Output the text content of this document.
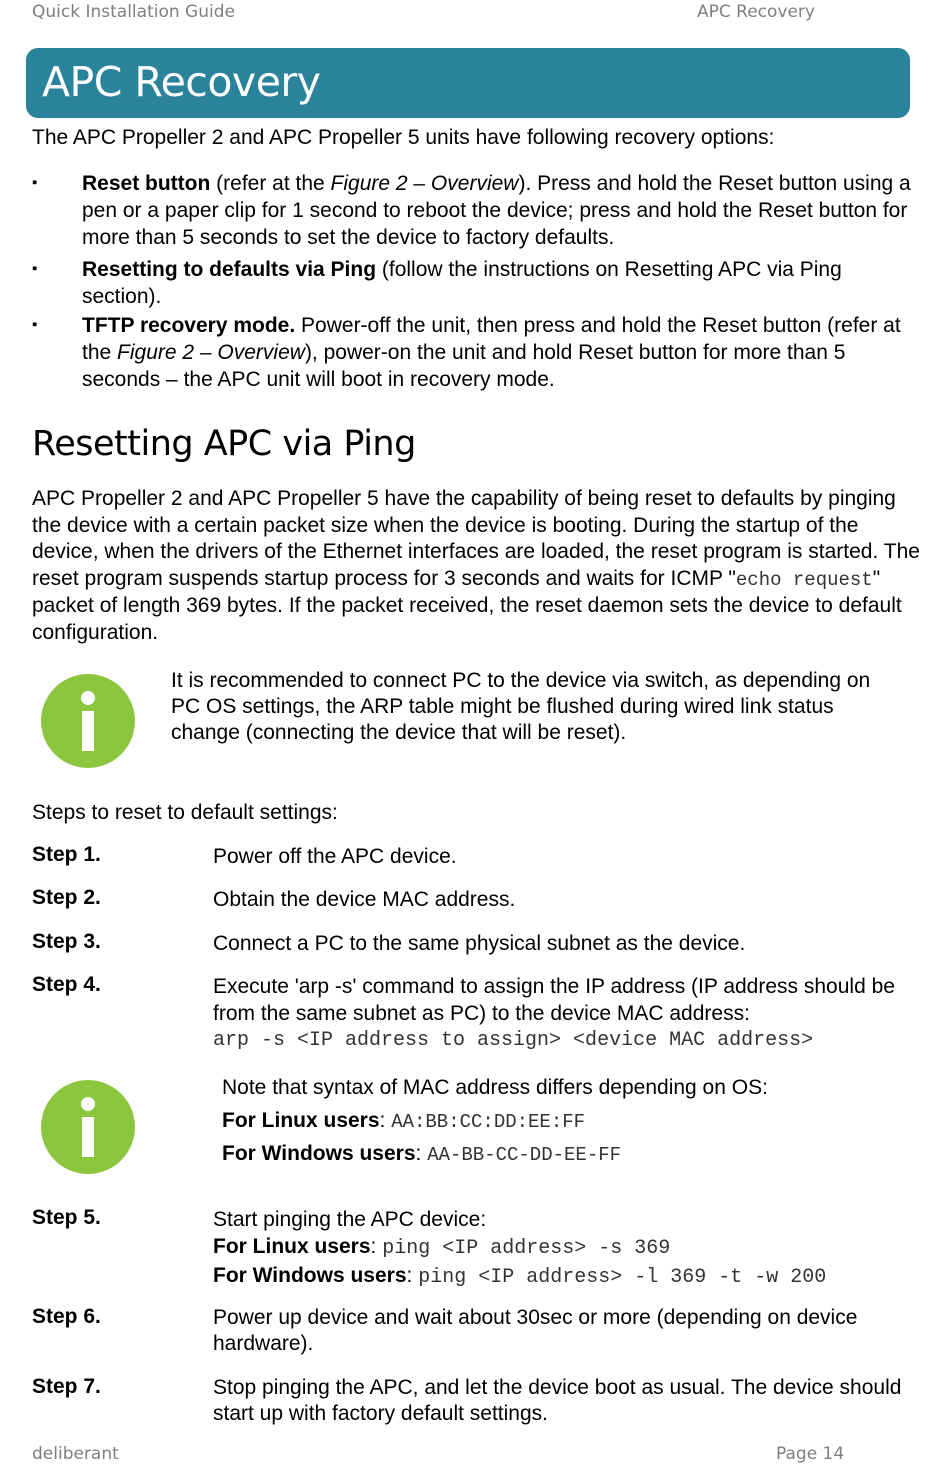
Quick Installation Guide	APC Recovery
APC Recovery
The APC Propeller 2 and APC Propeller 5 units have following recovery options:
▪ Reset button (refer at the Figure 2 – Overview). Press and hold the Reset button using a pen or a paper clip for 1 second to reboot the device; press and hold the Reset button for more than 5 seconds to set the device to factory defaults.
▪ Resetting to defaults via Ping (follow the instructions on Resetting APC via Ping section).
▪ TFTP recovery mode. Power-off the unit, then press and hold the Reset button (refer at the Figure 2 – Overview), power-on the unit and hold Reset button for more than 5 seconds – the APC unit will boot in recovery mode.
Resetting APC via Ping
APC Propeller 2 and APC Propeller 5 have the capability of being reset to defaults by pinging the device with a certain packet size when the device is booting. During the startup of the device, when the drivers of the Ethernet interfaces are loaded, the reset program is started. The reset program suspends startup process for 3 seconds and waits for ICMP "echo request" packet of length 369 bytes. If the packet received, the reset daemon sets the device to default configuration.
It is recommended to connect PC to the device via switch, as depending on PC OS settings, the ARP table might be flushed during wired link status change (connecting the device that will be reset).
Steps to reset to default settings:
Step 1.	Power off the APC device.
Step 2.	Obtain the device MAC address.
Step 3.	Connect a PC to the same physical subnet as the device.
Step 4.	Execute 'arp -s' command to assign the IP address (IP address should be from the same subnet as PC) to the device MAC address:
arp -s <IP address to assign> <device MAC address>
Note that syntax of MAC address differs depending on OS:
For Linux users: AA:BB:CC:DD:EE:FF
For Windows users: AA-BB-CC-DD-EE-FF
Step 5.	Start pinging the APC device:
For Linux users: ping <IP address> -s 369
For Windows users: ping <IP address> -l 369 -t -w 200
Step 6.	Power up device and wait about 30sec or more (depending on device hardware).
Step 7.	Stop pinging the APC, and let the device boot as usual. The device should start up with factory default settings.
deliberant	Page 14
